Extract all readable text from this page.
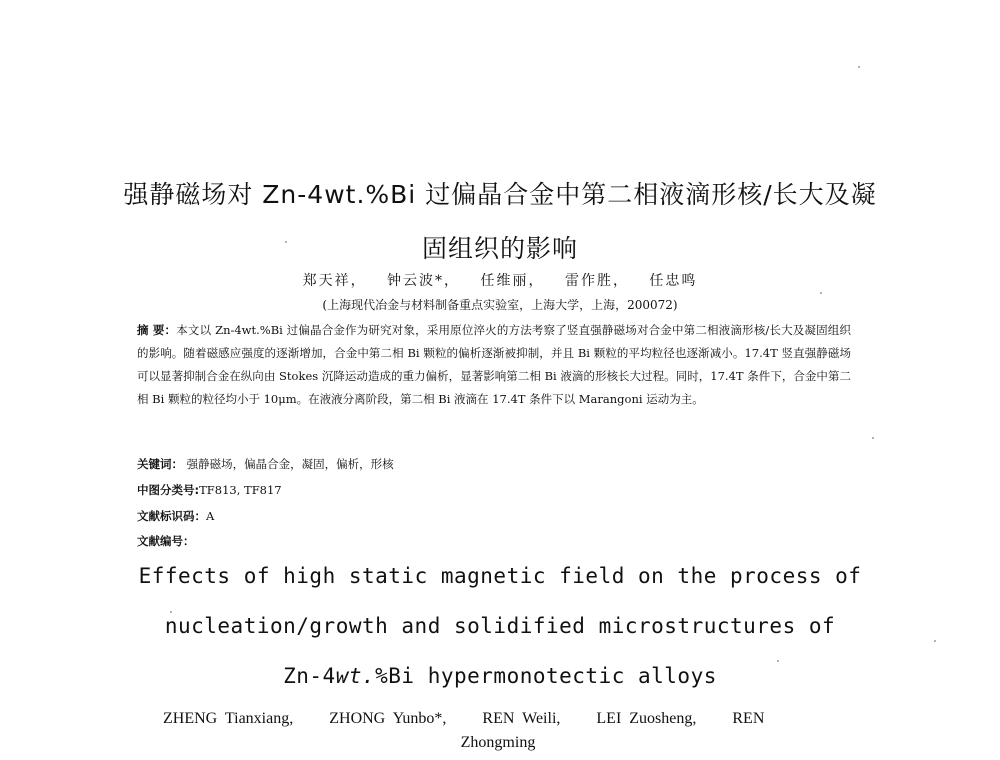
强静磁场对 Zn-4wt.%Bi 过偏晶合金中第二相液滴形核/长大及凝
固组织的影响
郑天祥， 钟云波*， 任维丽， 雷作胜， 任忠鸣
(上海现代冶金与材料制备重点实验室，上海大学，上海，200072)
摘 要：本文以 Zn-4wt.%Bi 过偏晶合金作为研究对象，采用原位淬火的方法考察了竖直强静磁场对合金中第二相液滴形核/长大及凝固组织的影响。随着磁感应强度的逐渐增加，合金中第二相 Bi 颗粒的偏析逐渐被抑制，并且 Bi 颗粒的平均粒径也逐渐减小。17.4T 竖直强静磁场可以显著抑制合金在纵向由 Stokes 沉降运动造成的重力偏析，显著影响第二相 Bi 液滴的形核长大过程。同时，17.4T 条件下，合金中第二相 Bi 颗粒的粒径均小于 10μm。在液液分离阶段，第二相 Bi 液滴在 17.4T 条件下以 Marangoni 运动为主。
关键词： 强静磁场，偏晶合金，凝固，偏析，形核
中图分类号:TF813, TF817
文献标识码：A
文献编号：
Effects of high static magnetic field on the process of
nucleation/growth and solidified microstructures of
Zn-4wt.%Bi hypermonotectic alloys
ZHENG Tianxiang, ZHONG Yunbo*, REN Weili, LEI Zuosheng, REN
Zhongming
